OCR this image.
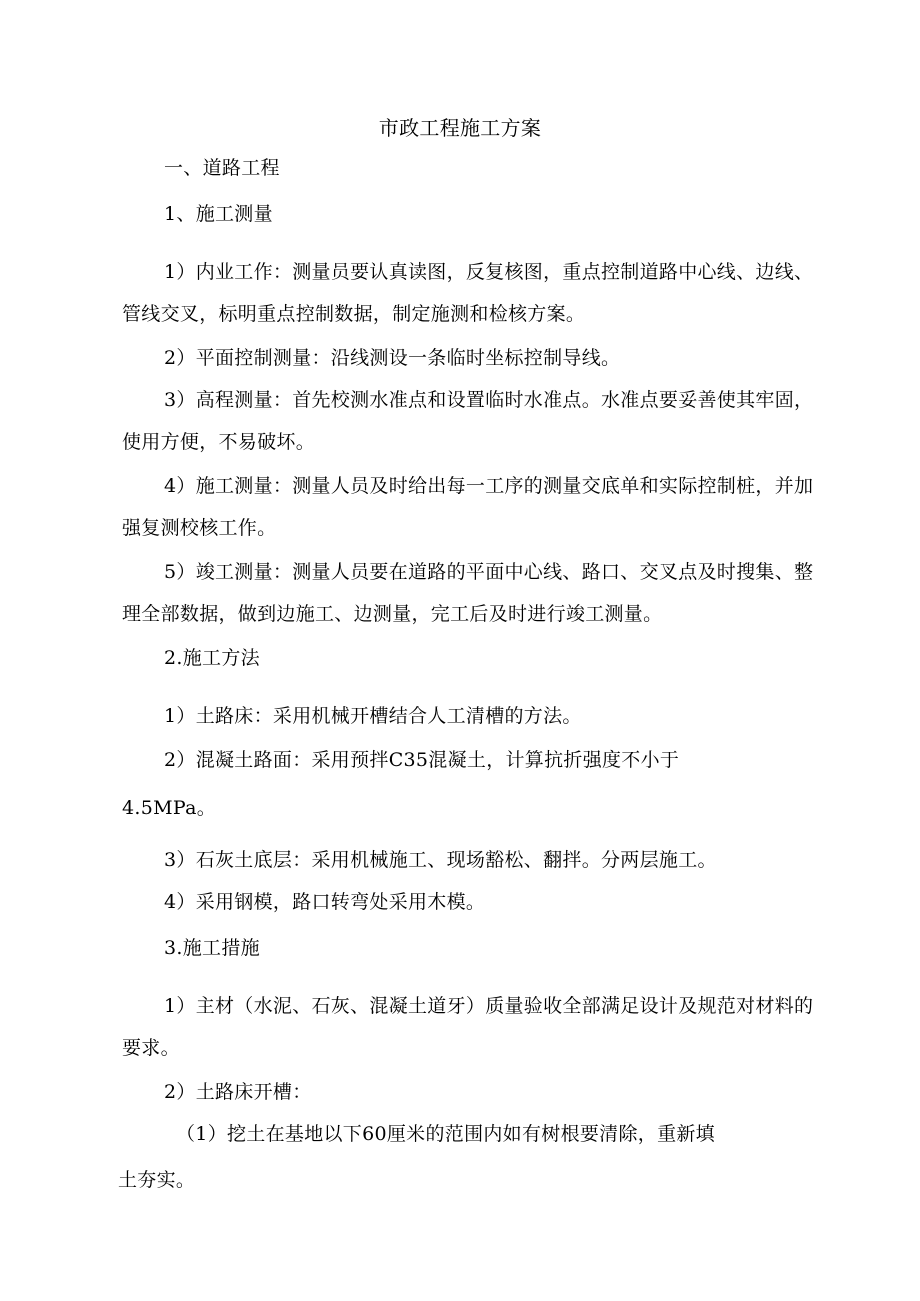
市政工程施工方案
一、道路工程
1、施工测量
1）内业工作：测量员要认真读图，反复核图，重点控制道路中心线、边线、
管线交叉，标明重点控制数据，制定施测和检核方案。
2）平面控制测量：沿线测设一条临时坐标控制导线。
3）高程测量：首先校测水准点和设置临时水准点。水准点要妥善使其牢固，
使用方便，不易破坏。
4）施工测量：测量人员及时给出每一工序的测量交底单和实际控制桩，并加
强复测校核工作。
5）竣工测量：测量人员要在道路的平面中心线、路口、交叉点及时搜集、整
理全部数据，做到边施工、边测量，完工后及时进行竣工测量。
2.施工方法
1）土路床：采用机械开槽结合人工清槽的方法。
2）混凝土路面：采用预拌C35混凝土，计算抗折强度不小于
4.5MPa。
3）石灰土底层：采用机械施工、现场豁松、翻拌。分两层施工。
4）采用钢模，路口转弯处采用木模。
3.施工措施
1）主材（水泥、石灰、混凝土道牙）质量验收全部满足设计及规范对材料的
要求。
2）土路床开槽：
（1）挖土在基地以下60厘米的范围内如有树根要清除，重新填
土夯实。
